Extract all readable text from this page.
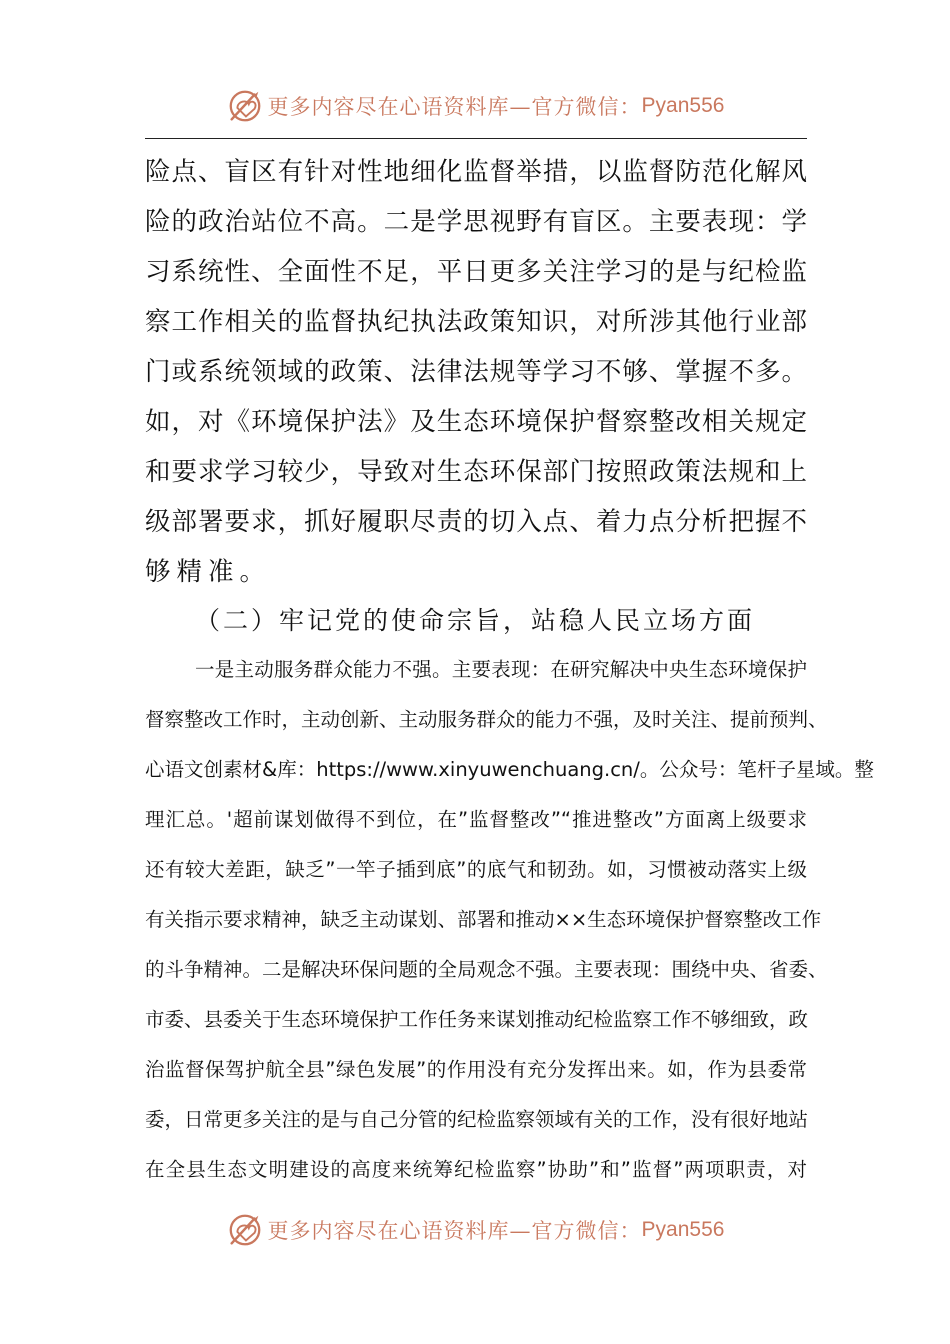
更多内容尽在心语资料库—官方微信： Pyan556
险点、盲区有针对性地细化监督举措，以监督防范化解风
险的政治站位不高。二是学思视野有盲区。主要表现：学
习系统性、全面性不足，平日更多关注学习的是与纪检监
察工作相关的监督执纪执法政策知识，对所涉其他行业部
门或系统领域的政策、法律法规等学习不够、掌握不多。
如，对《环境保护法》及生态环境保护督察整改相关规定
和要求学习较少，导致对生态环保部门按照政策法规和上
级部署要求，抓好履职尽责的切入点、着力点分析把握不
够精准。
（二）牢记党的使命宗旨，站稳人民立场方面
一是主动服务群众能力不强。主要表现：在研究解决中央生态环境保护
督察整改工作时，主动创新、主动服务群众的能力不强，及时关注、提前预判、
心语文创素材&库：https://www.xinyuwenchuang.cn/。公众号：笔杆子星域。整
理汇总。'超前谋划做得不到位，在”监督整改”“推进整改”方面离上级要求
还有较大差距，缺乏”一竿子插到底”的底气和韧劲。如，习惯被动落实上级
有关指示要求精神，缺乏主动谋划、部署和推动××生态环境保护督察整改工作
的斗争精神。二是解决环保问题的全局观念不强。主要表现：围绕中央、省委、
市委、县委关于生态环境保护工作任务来谋划推动纪检监察工作不够细致，政
治监督保驾护航全县”绿色发展”的作用没有充分发挥出来。如，作为县委常
委，日常更多关注的是与自己分管的纪检监察领域有关的工作，没有很好地站
在全县生态文明建设的高度来统筹纪检监察”协助”和”监督”两项职责，对
更多内容尽在心语资料库—官方微信： Pyan556
